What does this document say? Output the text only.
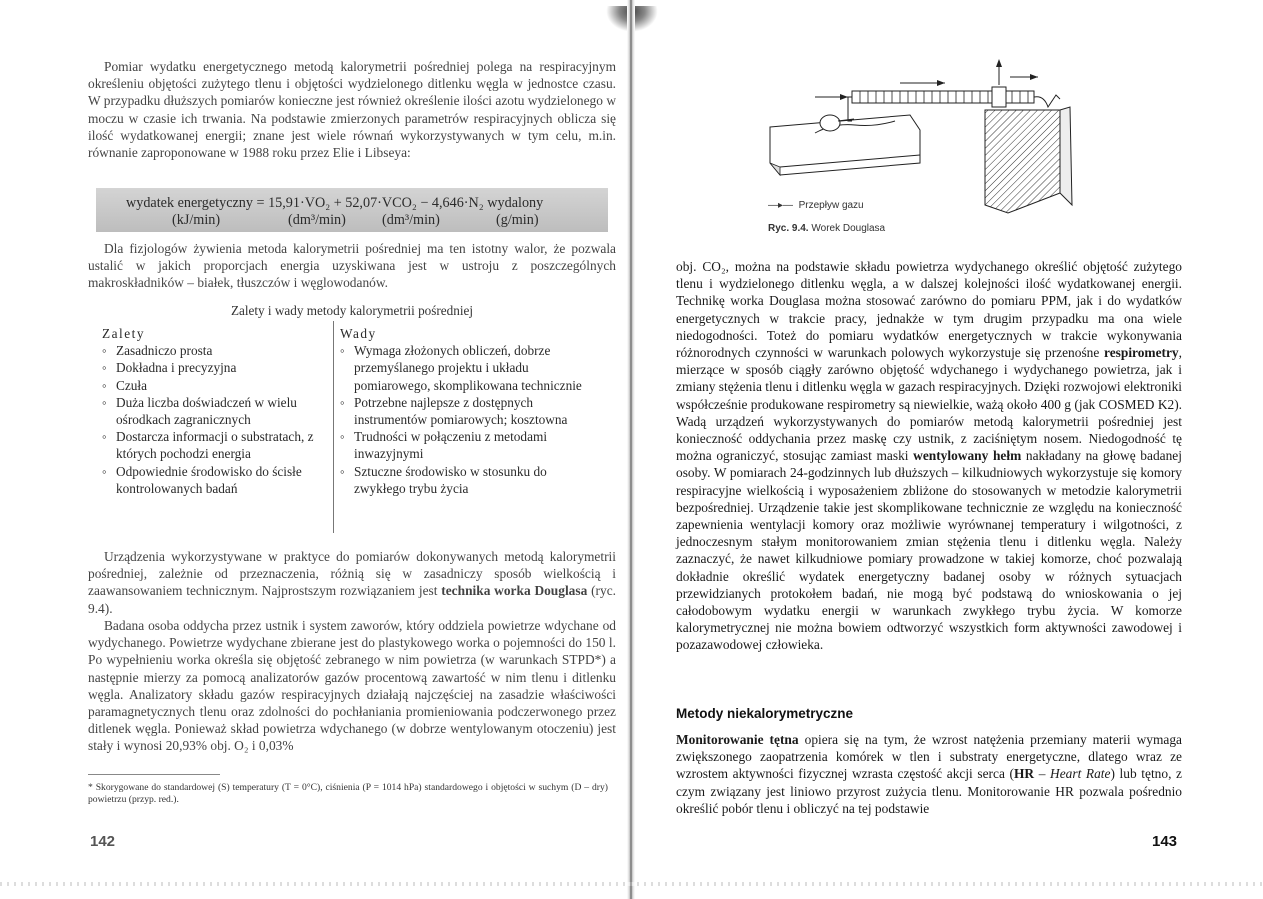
Pomiar wydatku energetycznego metodą kalorymetrii pośredniej polega na respiracyjnym określeniu objętości zużytego tlenu i objętości wydzielonego ditlenku węgla w jednostce czasu. W przypadku dłuższych pomiarów konieczne jest również określenie ilości azotu wydzielonego w moczu w czasie ich trwania. Na podstawie zmierzonych parametrów respiracyjnych oblicza się ilość wydatkowanej energii; znane jest wiele równań wykorzystywanych w tym celu, m.in. równanie zaproponowane w 1988 roku przez Elie i Libseya:

wydatek energetyczny = 15,91·VO₂ + 52,07·VCO₂ − 4,646·N₂ wydalony
(kJ/min)	(dm³/min)	(dm³/min)	(g/min)

Dla fizjologów żywienia metoda kalorymetrii pośredniej ma ten istotny walor, że pozwala ustalić w jakich proporcjach energia uzyskiwana jest w ustroju z poszczególnych makroskładników – białek, tłuszczów i węglowodanów.

Zalety i wady metody kalorymetrii pośredniej
Zalety
◦ Zasadniczo prosta
◦ Dokładna i precyzyjna
◦ Czuła
◦ Duża liczba doświadczeń w wielu ośrodkach zagranicznych
◦ Dostarcza informacji o substratach, z których pochodzi energia
◦ Odpowiednie środowisko do ścisłe kontrolowanych badań
Wady
◦ Wymaga złożonych obliczeń, dobrze przemyślanego projektu i układu pomiarowego, skomplikowana technicznie
◦ Potrzebne najlepsze z dostępnych instrumentów pomiarowych; kosztowna
◦ Trudności w połączeniu z metodami inwazyjnymi
◦ Sztuczne środowisko w stosunku do zwykłego trybu życia

Urządzenia wykorzystywane w praktyce do pomiarów dokonywanych metodą kalorymetrii pośredniej, zależnie od przeznaczenia, różnią się w zasadniczy sposób wielkością i zaawansowaniem technicznym. Najprostszym rozwiązaniem jest technika worka Douglasa (ryc. 9.4).

Badana osoba oddycha przez ustnik i system zaworów, który oddziela powietrze wdychane od wydychanego. Powietrze wydychane zbierane jest do plastykowego worka o pojemności do 150 l. Po wypełnieniu worka określa się objętość zebranego w nim powietrza (w warunkach STPD*) a następnie mierzy za pomocą analizatorów gazów procentową zawartość w nim tlenu i ditlenku węgla. Analizatory składu gazów respiracyjnych działają najczęściej na zasadzie właściwości paramagnetycznych tlenu oraz zdolności do pochłaniania promieniowania podczerwonego przez ditlenek węgla. Ponieważ skład powietrza wdychanego (w dobrze wentylowanym otoczeniu) jest stały i wynosi 20,93% obj. O₂ i 0,03%

* Skorygowane do standardowej (S) temperatury (T = 0°C), ciśnienia (P = 1014 hPa) standardowego i objętości w suchym (D – dry) powietrzu (przyp. red.).
142
—▸— Przepływ gazu
Ryc. 9.4. Worek Douglasa

obj. CO₂, można na podstawie składu powietrza wydychanego określić objętość zużytego tlenu i wydzielonego ditlenku węgla, a w dalszej kolejności ilość wydatkowanej energii. Technikę worka Douglasa można stosować zarówno do pomiaru PPM, jak i do wydatków energetycznych w trakcie pracy, jednakże w tym drugim przypadku ma ona wiele niedogodności. Toteż do pomiaru wydatków energetycznych w trakcie wykonywania różnorodnych czynności w warunkach polowych wykorzystuje się przenośne respirometry, mierzące w sposób ciągły zarówno objętość wdychanego i wydychanego powietrza, jak i zmiany stężenia tlenu i ditlenku węgla w gazach respiracyjnych. Dzięki rozwojowi elektroniki współcześnie produkowane respirometry są niewielkie, ważą około 400 g (jak COSMED K2). Wadą urządzeń wykorzystywanych do pomiarów metodą kalorymetrii pośredniej jest konieczność oddychania przez maskę czy ustnik, z zaciśniętym nosem. Niedogodność tę można ograniczyć, stosując zamiast maski wentylowany hełm nakładany na głowę badanej osoby. W pomiarach 24-godzinnych lub dłuższych – kilkudniowych wykorzystuje się komory respiracyjne wielkością i wyposażeniem zbliżone do stosowanych w metodzie kalorymetrii bezpośredniej. Urządzenie takie jest skomplikowane technicznie ze względu na konieczność zapewnienia wentylacji komory oraz możliwie wyrównanej temperatury i wilgotności, z jednoczesnym stałym monitorowaniem zmian stężenia tlenu i ditlenku węgla. Należy zaznaczyć, że nawet kilkudniowe pomiary prowadzone w takiej komorze, choć pozwalają dokładnie określić wydatek energetyczny badanej osoby w różnych sytuacjach przewidzianych protokołem badań, nie mogą być podstawą do wnioskowania o jej całodobowym wydatku energii w warunkach zwykłego trybu życia. W komorze kalorymetrycznej nie można bowiem odtworzyć wszystkich form aktywności zawodowej i pozazawodowej człowieka.

Metody niekalorymetryczne

Monitorowanie tętna opiera się na tym, że wzrost natężenia przemiany materii wymaga zwiększonego zaopatrzenia komórek w tlen i substraty energetyczne, dlatego wraz ze wzrostem aktywności fizycznej wzrasta częstość akcji serca (HR – Heart Rate) lub tętno, z czym związany jest liniowo przyrost zużycia tlenu. Monitorowanie HR pozwala pośrednio określić pobór tlenu i obliczyć na tej podstawie

143
